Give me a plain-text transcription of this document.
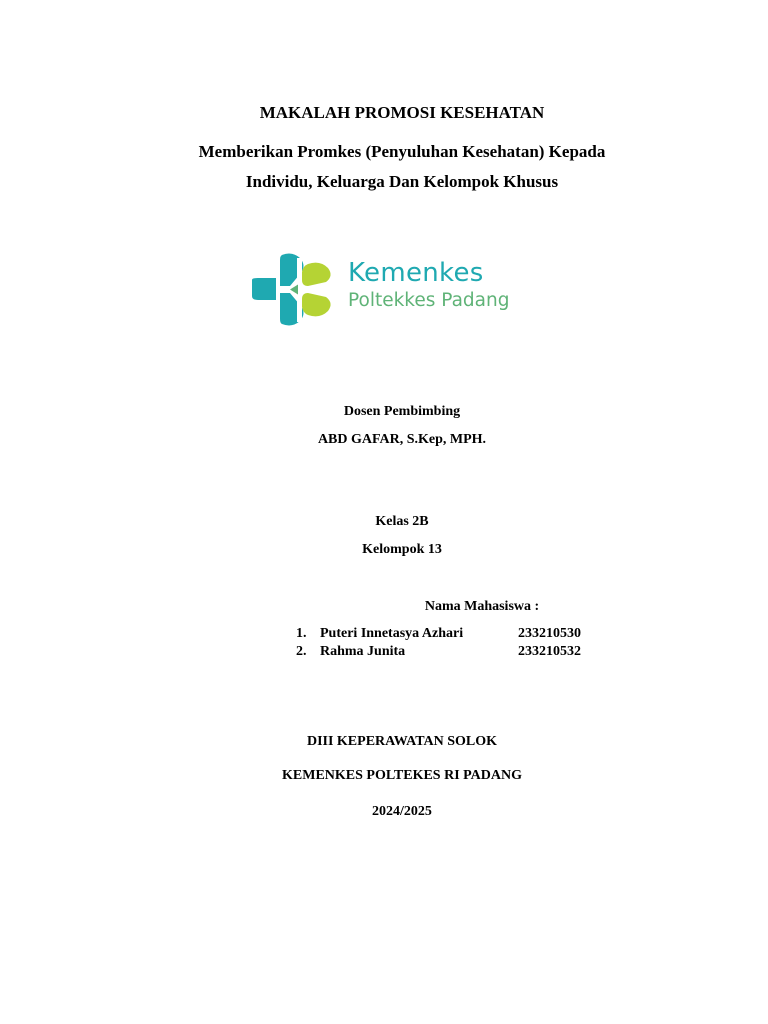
MAKALAH PROMOSI KESEHATAN
Memberikan Promkes (Penyuluhan Kesehatan) Kepada
Individu, Keluarga Dan Kelompok Khusus
Kemenkes
Poltekkes Padang
Dosen Pembimbing
ABD GAFAR, S.Kep, MPH.
Kelas 2B
Kelompok 13
Nama Mahasiswa :
1. Puteri Innetasya Azhari	233210530
2. Rahma Junita	233210532
DIII KEPERAWATAN SOLOK
KEMENKES POLTEKES RI PADANG
2024/2025
